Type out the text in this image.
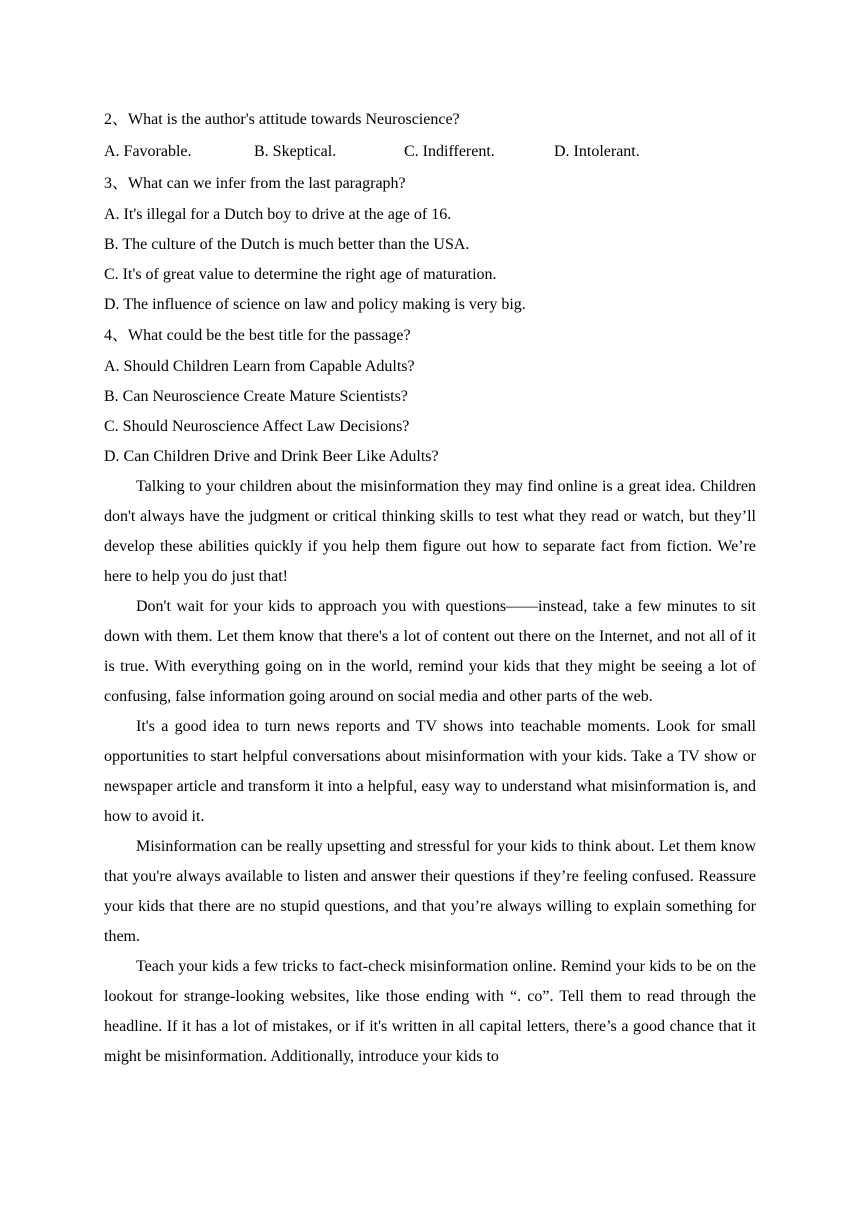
2、What is the author's attitude towards Neuroscience?
A. Favorable.	B. Skeptical.	C. Indifferent.	D. Intolerant.
3、What can we infer from the last paragraph?
A. It's illegal for a Dutch boy to drive at the age of 16.
B. The culture of the Dutch is much better than the USA.
C. It's of great value to determine the right age of maturation.
D. The influence of science on law and policy making is very big.
4、What could be the best title for the passage?
A. Should Children Learn from Capable Adults?
B. Can Neuroscience Create Mature Scientists?
C. Should Neuroscience Affect Law Decisions?
D. Can Children Drive and Drink Beer Like Adults?

Talking to your children about the misinformation they may find online is a great idea. Children don't always have the judgment or critical thinking skills to test what they read or watch, but they’ll develop these abilities quickly if you help them figure out how to separate fact from fiction. We’re here to help you do just that!

Don't wait for your kids to approach you with questions——instead, take a few minutes to sit down with them. Let them know that there's a lot of content out there on the Internet, and not all of it is true. With everything going on in the world, remind your kids that they might be seeing a lot of confusing, false information going around on social media and other parts of the web.

It's a good idea to turn news reports and TV shows into teachable moments. Look for small opportunities to start helpful conversations about misinformation with your kids. Take a TV show or newspaper article and transform it into a helpful, easy way to understand what misinformation is, and how to avoid it.

Misinformation can be really upsetting and stressful for your kids to think about. Let them know that you're always available to listen and answer their questions if they’re feeling confused. Reassure your kids that there are no stupid questions, and that you’re always willing to explain something for them.

Teach your kids a few tricks to fact-check misinformation online. Remind your kids to be on the lookout for strange-looking websites, like those ending with “. co”. Tell them to read through the headline. If it has a lot of mistakes, or if it's written in all capital letters, there’s a good chance that it might be misinformation. Additionally, introduce your kids to
